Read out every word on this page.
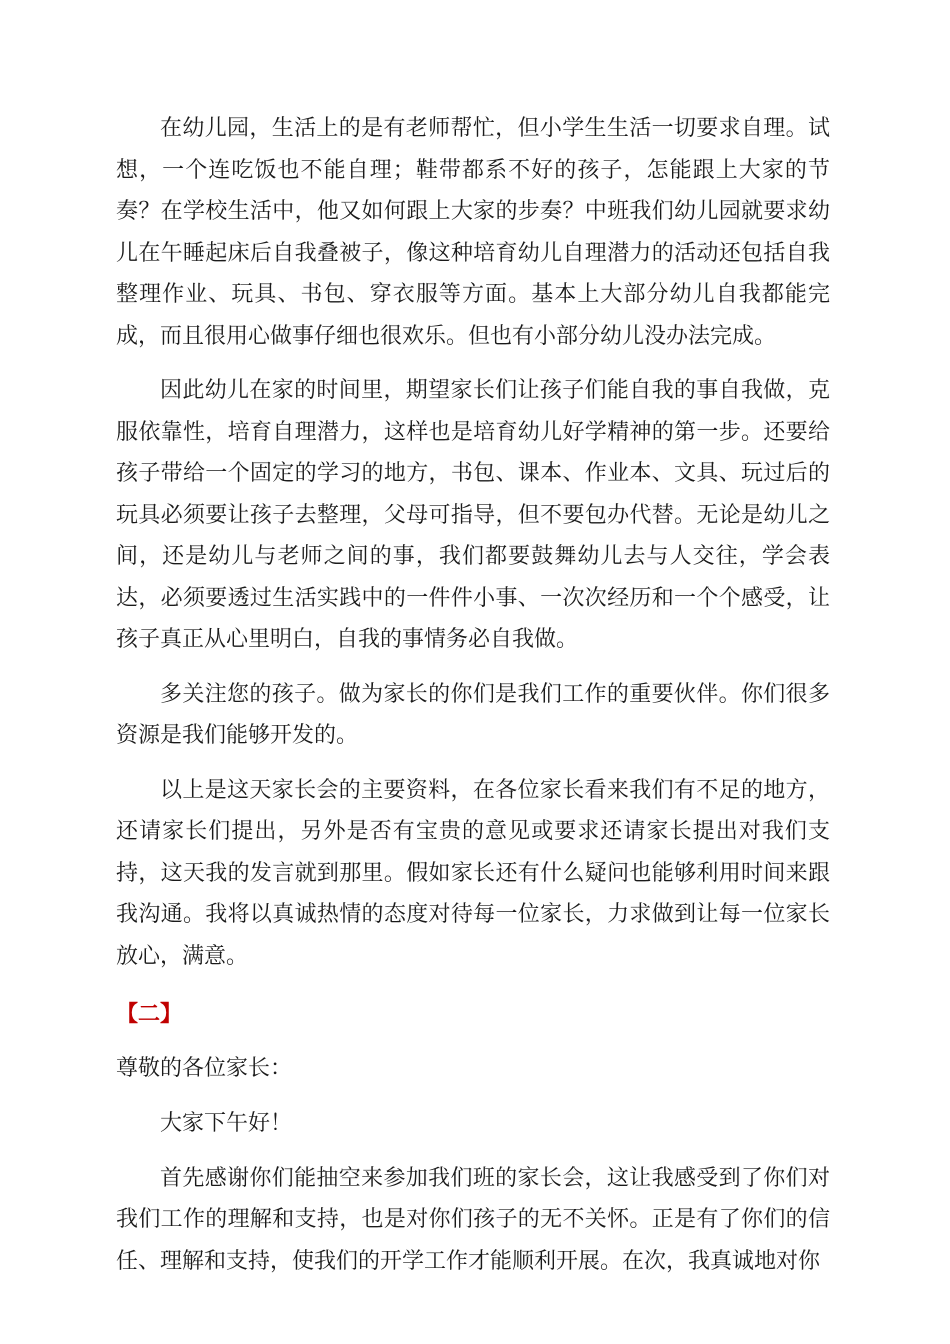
在幼儿园，生活上的是有老师帮忙，但小学生生活一切要求自理。试想，一个连吃饭也不能自理；鞋带都系不好的孩子，怎能跟上大家的节奏？在学校生活中，他又如何跟上大家的步奏？中班我们幼儿园就要求幼儿在午睡起床后自我叠被子，像这种培育幼儿自理潜力的活动还包括自我整理作业、玩具、书包、穿衣服等方面。基本上大部分幼儿自我都能完成，而且很用心做事仔细也很欢乐。但也有小部分幼儿没办法完成。

因此幼儿在家的时间里，期望家长们让孩子们能自我的事自我做，克服依靠性，培育自理潜力，这样也是培育幼儿好学精神的第一步。还要给孩子带给一个固定的学习的地方，书包、课本、作业本、文具、玩过后的玩具必须要让孩子去整理，父母可指导，但不要包办代替。无论是幼儿之间，还是幼儿与老师之间的事，我们都要鼓舞幼儿去与人交往，学会表达，必须要透过生活实践中的一件件小事、一次次经历和一个个感受，让孩子真正从心里明白，自我的事情务必自我做。

多关注您的孩子。做为家长的你们是我们工作的重要伙伴。你们很多资源是我们能够开发的。

以上是这天家长会的主要资料，在各位家长看来我们有不足的地方，还请家长们提出，另外是否有宝贵的意见或要求还请家长提出对我们支持，这天我的发言就到那里。假如家长还有什么疑问也能够利用时间来跟我沟通。我将以真诚热情的态度对待每一位家长，力求做到让每一位家长放心，满意。

【二】

尊敬的各位家长：

大家下午好！

首先感谢你们能抽空来参加我们班的家长会，这让我感受到了你们对我们工作的理解和支持，也是对你们孩子的无不关怀。正是有了你们的信任、理解和支持，使我们的开学工作才能顺利开展。在次，我真诚地对你
